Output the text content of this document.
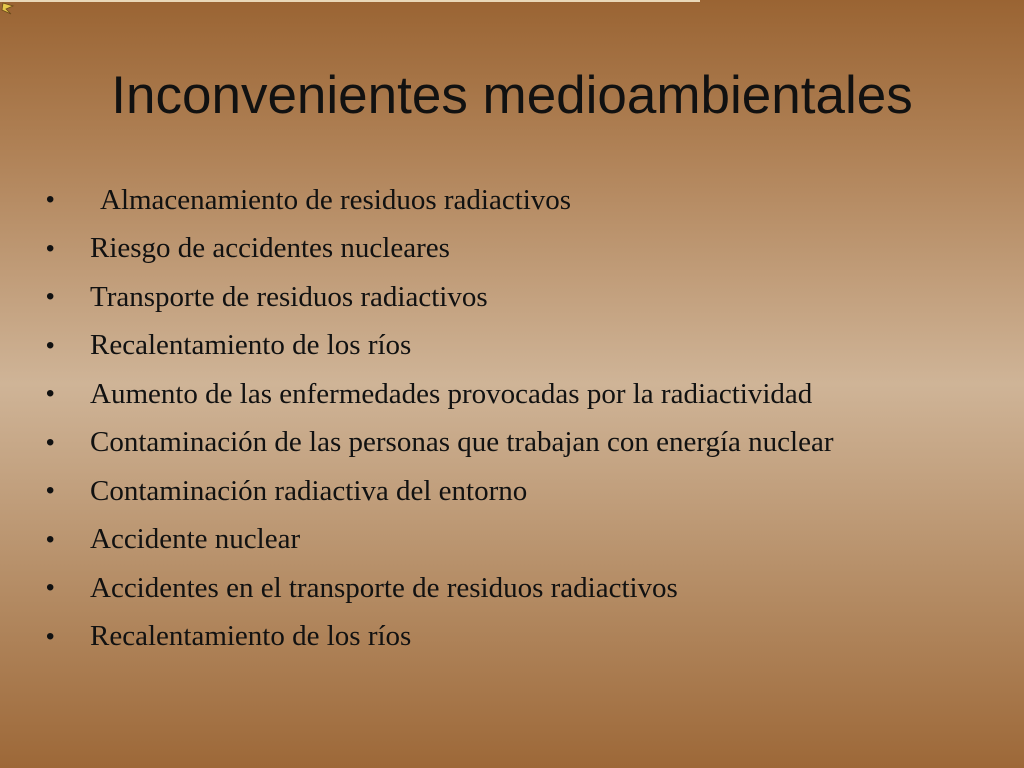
Inconvenientes medioambientales
•	Almacenamiento de residuos radiactivos
•	Riesgo de accidentes nucleares
•	Transporte de residuos radiactivos
•	Recalentamiento de los ríos
•	Aumento de las enfermedades provocadas por la radiactividad
•	Contaminación de las personas que trabajan con energía nuclear
•	Contaminación radiactiva del entorno
•	Accidente nuclear
•	Accidentes en el transporte de residuos radiactivos
•	Recalentamiento de los ríos
